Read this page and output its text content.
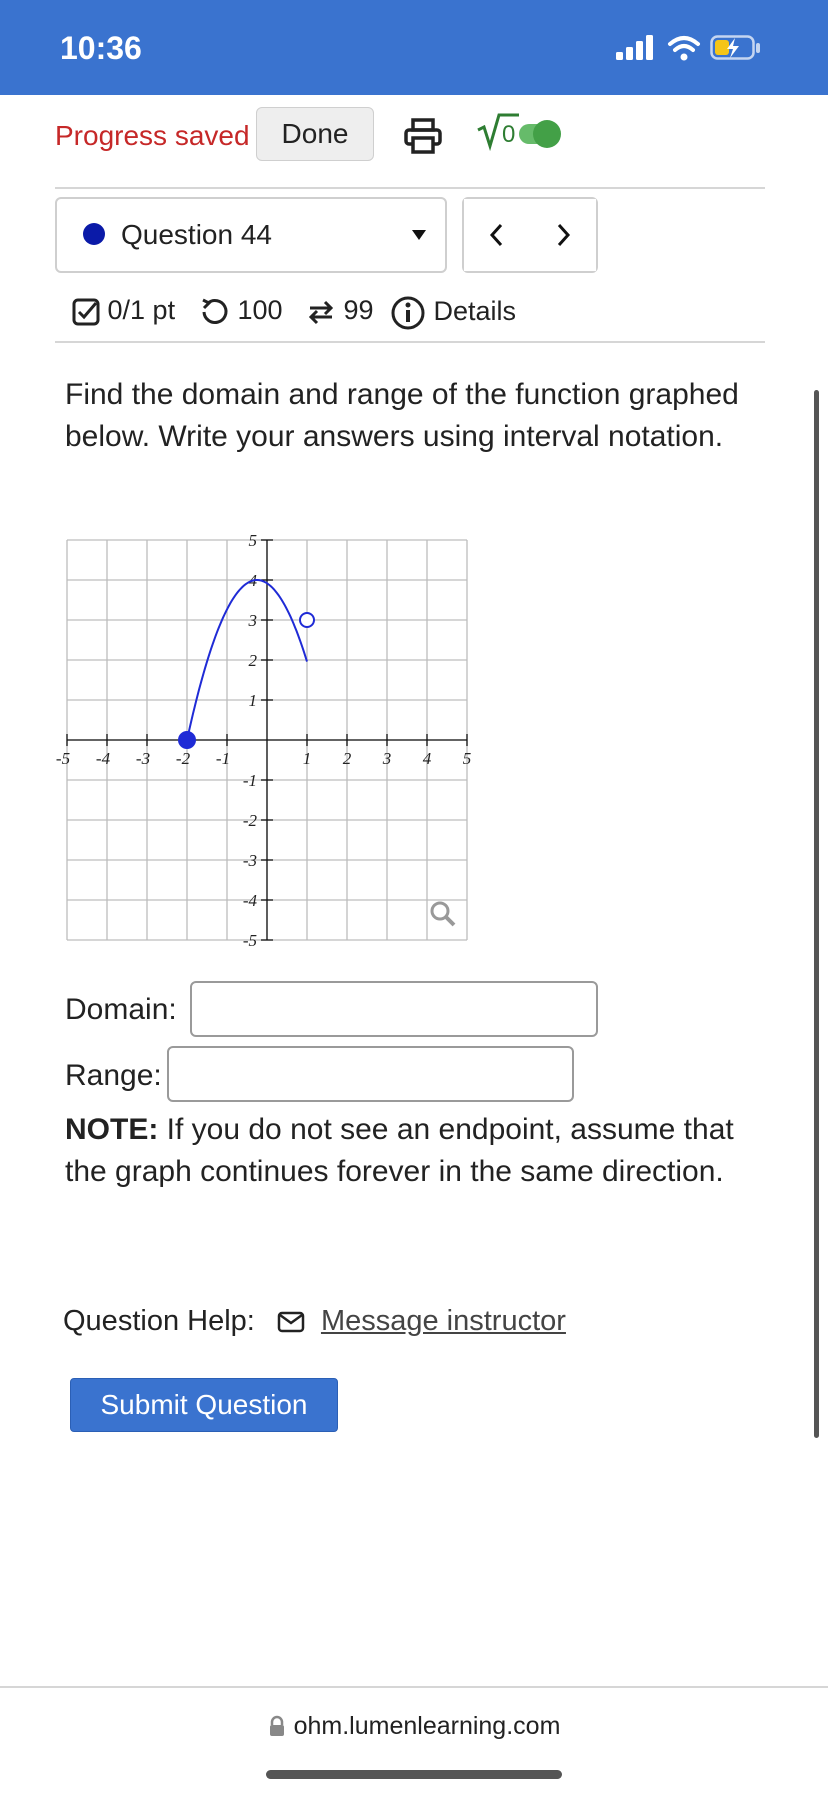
10:36
Progress saved	Done	0
Question 44
0/1 pt	100	99	Details
Find the domain and range of the function graphed below. Write your answers using interval notation.
-5 -4 -3 -2 -1	1 2 3 4 5
5
4
3
2
1
-1
-2
-3
-4
-5
Domain:
Range:
NOTE: If you do not see an endpoint, assume that the graph continues forever in the same direction.
Question Help: Message instructor
Submit Question
ohm.lumenlearning.com
